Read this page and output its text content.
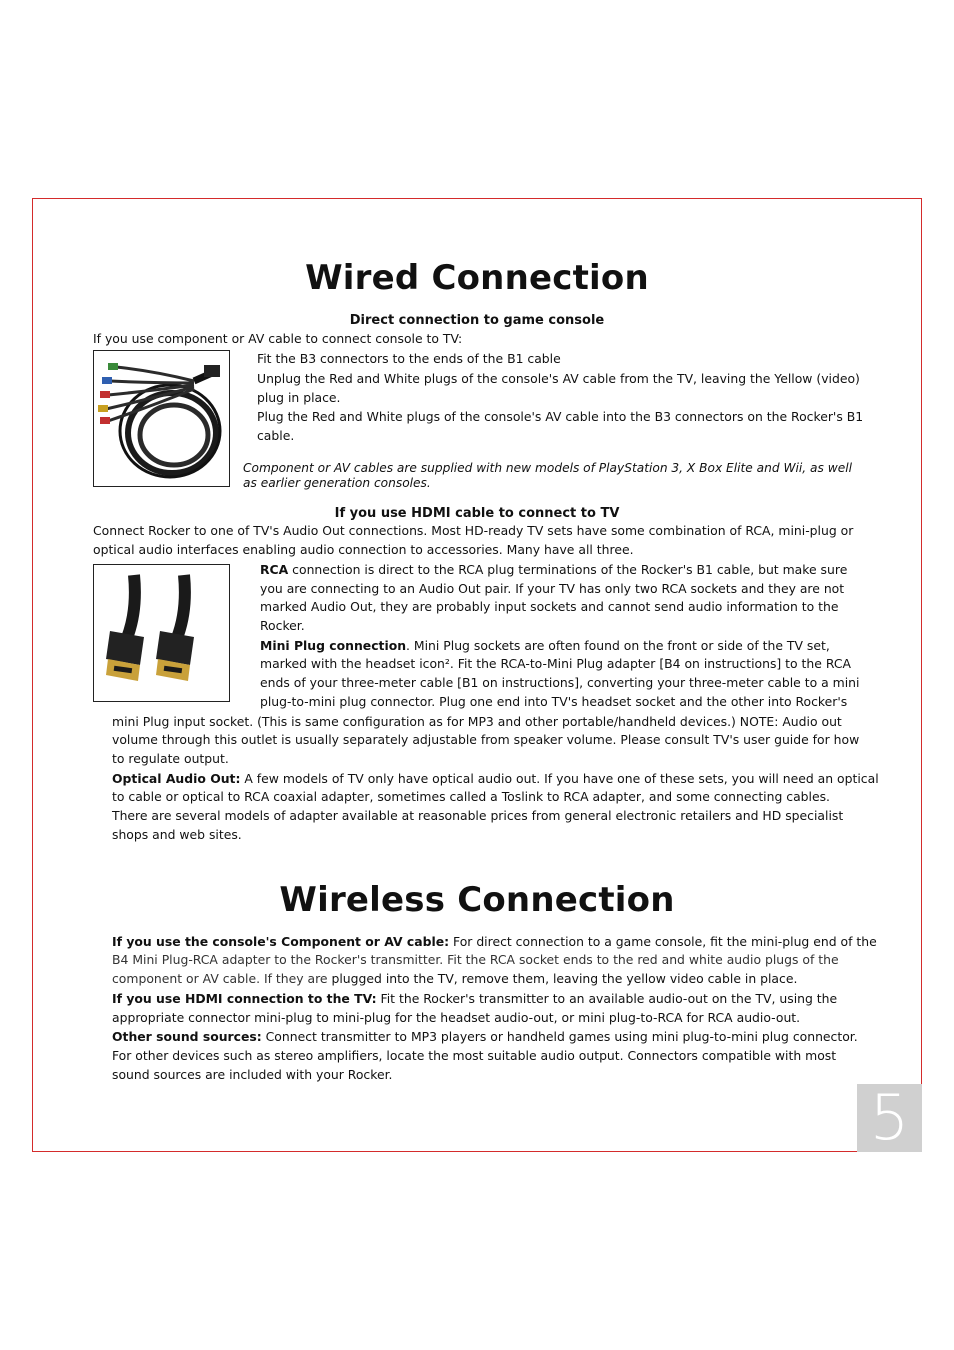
Wired Connection
Direct connection to game console
If you use component or AV cable to connect console to TV:
Fit the B3 connectors to the ends of the B1 cable
Unplug the Red and White plugs of the console's AV cable from the TV, leaving the Yellow (video)
plug in place.
Plug the Red and White plugs of the console's AV cable into the B3 connectors on the Rocker's B1
cable.
Component or AV cables are supplied with new models of PlayStation 3, X Box Elite and Wii, as well
as earlier generation consoles.
If you use HDMI cable to connect to TV
Connect Rocker to one of TV's Audio Out connections. Most HD-ready TV sets have some combination of RCA, mini-plug or
optical audio interfaces enabling audio connection to accessories. Many have all three.
RCA connection is direct to the RCA plug terminations of the Rocker's B1 cable, but make sure
you are connecting to an Audio Out pair. If your TV has only two RCA sockets and they are not
marked Audio Out, they are probably input sockets and cannot send audio information to the
Rocker.
Mini Plug connection. Mini Plug sockets are often found on the front or side of the TV set,
marked with the headset icon². Fit the RCA-to-Mini Plug adapter [B4 on instructions] to the RCA
ends of your three-meter cable [B1 on instructions], converting your three-meter cable to a mini
plug-to-mini plug connector. Plug one end into TV's headset socket and the other into Rocker's
mini Plug input socket. (This is same configuration as for MP3 and other portable/handheld devices.) NOTE: Audio out
volume through this outlet is usually separately adjustable from speaker volume. Please consult TV's user guide for how
to regulate output.
Optical Audio Out: A few models of TV only have optical audio out. If you have one of these sets, you will need an optical
to cable or optical to RCA coaxial adapter, sometimes called a Toslink to RCA adapter, and some connecting cables.
There are several models of adapter available at reasonable prices from general electronic retailers and HD specialist
shops and web sites.
Wireless Connection
If you use the console's Component or AV cable: For direct connection to a game console, fit the mini-plug end of the
B4 Mini Plug-RCA adapter to the Rocker's transmitter. Fit the RCA socket ends to the red and white audio plugs of the
component or AV cable. If they are plugged into the TV, remove them, leaving the yellow video cable in place.
If you use HDMI connection to the TV: Fit the Rocker's transmitter to an available audio-out on the TV, using the
appropriate connector mini-plug to mini-plug for the headset audio-out, or mini plug-to-RCA for RCA audio-out.
Other sound sources: Connect transmitter to MP3 players or handheld games using mini plug-to-mini plug connector.
For other devices such as stereo amplifiers, locate the most suitable audio output. Connectors compatible with most
sound sources are included with your Rocker.
5
